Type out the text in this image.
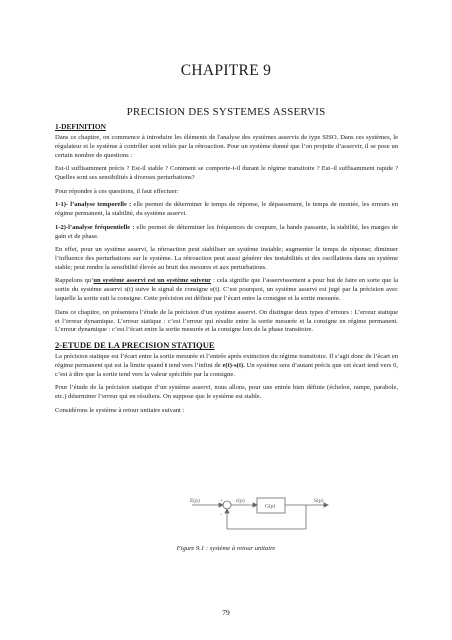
CHAPITRE 9
PRECISION DES SYSTEMES ASSERVIS
1-DEFINITION

Dans ce chapitre, on commence à introduire les éléments de l'analyse des systèmes asservis de type SISO. Dans ces systèmes, le régulateur et le système à contrôler sont reliés par la rétroaction. Pour un système donné que l’on projette d’asservir, il se pose un certain nombre de questions :

Est-il suffisamment précis ? Est-il stable ? Comment se comporte-t-il durant le régime transitoire ? Est–il suffisamment rapide ? Quelles sont ses sensibilités à diverses perturbations?

Pour répondre à ces questions, il faut effectuer:

1-1)- l’analyse temporelle : elle permet de déterminer le temps de réponse, le dépassement, le temps de montée, les erreurs en régime permanent, la stabilité, du système asservi.

1-2)-l’analyse fréquentielle : elle permet de déterminer les fréquences de coupure, la bande passante, la stabilité, les marges de gain et de phase.

En effet, pour un système asservi, la rétroaction peut stabiliser un système instable; augmenter le temps de réponse; diminuer l’influence des perturbations sur le système. La rétroaction peut aussi générer des instabilités et des oscillations dans un système stable; peut rendre la sensibilité élevée au bruit des mesures et aux perturbations.

Rappelons qu’un système asservi est un système suiveur : cela signifie que l’asservissement a pour but de faire en sorte que la sortie du système asservi s(t) suive le signal de consigne e(t). C’est pourquoi, un système asservi est jugé par la précision avec laquelle la sortie suit la consigne. Cette précision est définie par l’écart entre la consigne et la sortie mesurée.

Dans ce chapitre, on présentera l’étude de la précision d’un système asservi. On distingue deux types d’erreurs : L’erreur statique et l’erreur dynamique. L’erreur statique : c’est l’erreur qui résulte entre la sortie mesurée et la consigne en régime permanent. L’erreur dynamique : c’est l’écart entre la sortie mesurée et la consigne lors de la phase transitoire.

2-ETUDE DE LA PRECISION STATIQUE

La précision statique est l’écart entre la sortie mesurée et l’entrée après extinction du régime transitoire. Il s’agit donc de l’écart en régime permanent qui est la limite quand t tend vers l’infini de e(t)-s(t). Un système sera d’autant précis que cet écart tend vers 0, c’est à dire que la sortie tend vers la valeur spécifiée par la consigne.

Pour l’étude de la précision statique d’un système asservi, nous allons, pour une entrée bien définie (échelon, rampe, parabole, etc.) déterminer l’erreur qui en résultera. On suppose que le système est stable.

Considérons le système à retour unitaire suivant :

E(p)	ε(p)
G(p)
S(p)
+
-

Figure 9.1 : système à retour unitaire

79
